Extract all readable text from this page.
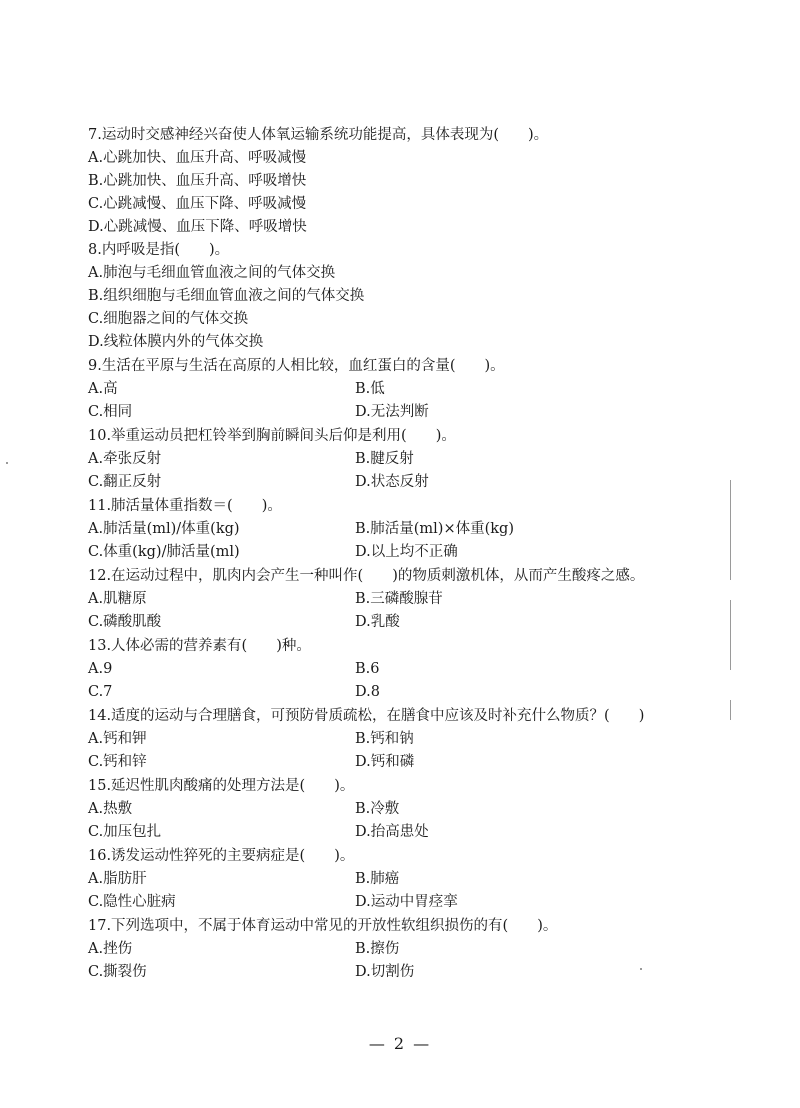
7.运动时交感神经兴奋使人体氧运输系统功能提高，具体表现为(　　)。
A.心跳加快、血压升高、呼吸减慢
B.心跳加快、血压升高、呼吸增快
C.心跳减慢、血压下降、呼吸减慢
D.心跳减慢、血压下降、呼吸增快
8.内呼吸是指(　　)。
A.肺泡与毛细血管血液之间的气体交换
B.组织细胞与毛细血管血液之间的气体交换
C.细胞器之间的气体交换
D.线粒体膜内外的气体交换
9.生活在平原与生活在高原的人相比较，血红蛋白的含量(　　)。
A.高	B.低
C.相同	D.无法判断
10.举重运动员把杠铃举到胸前瞬间头后仰是利用(　　)。
A.牵张反射	B.腱反射
C.翻正反射	D.状态反射
11.肺活量体重指数＝(　　)。
A.肺活量(ml)/体重(kg)	B.肺活量(ml)×体重(kg)
C.体重(kg)/肺活量(ml)	D.以上均不正确
12.在运动过程中，肌肉内会产生一种叫作(　　)的物质刺激机体，从而产生酸疼之感。
A.肌糖原	B.三磷酸腺苷
C.磷酸肌酸	D.乳酸
13.人体必需的营养素有(　　)种。
A.9	B.6
C.7	D.8
14.适度的运动与合理膳食，可预防骨质疏松，在膳食中应该及时补充什么物质？(　　)
A.钙和钾	B.钙和钠
C.钙和锌	D.钙和磷
15.延迟性肌肉酸痛的处理方法是(　　)。
A.热敷	B.冷敷
C.加压包扎	D.抬高患处
16.诱发运动性猝死的主要病症是(　　)。
A.脂肪肝	B.肺癌
C.隐性心脏病	D.运动中胃痉挛
17.下列选项中，不属于体育运动中常见的开放性软组织损伤的有(　　)。
A.挫伤	B.擦伤
C.撕裂伤	D.切割伤
— 2 —
